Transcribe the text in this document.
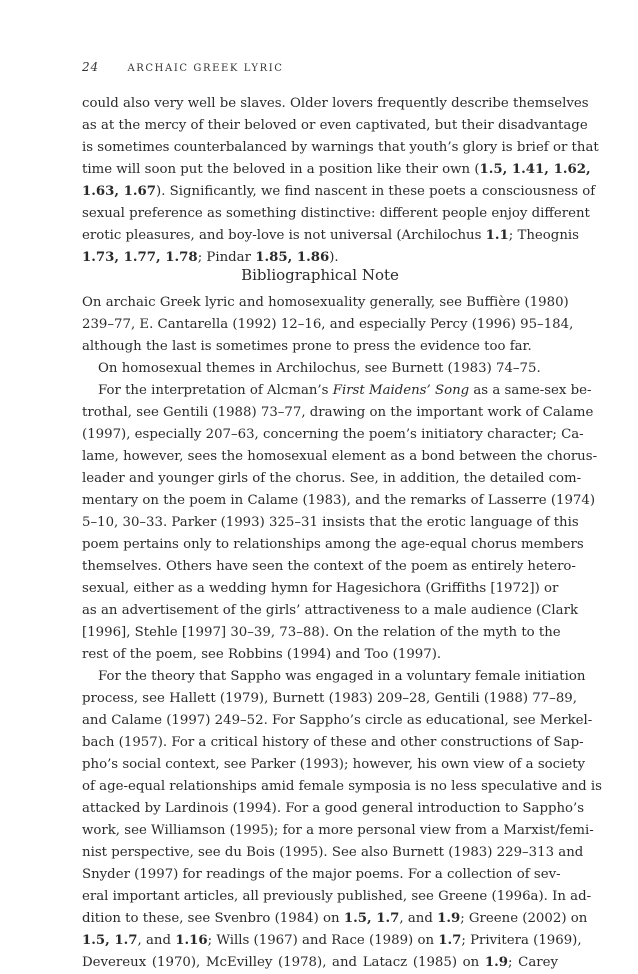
24	ARCHAIC GREEK LYRIC
could also very well be slaves. Older lovers frequently describe themselves
as at the mercy of their beloved or even captivated, but their disadvantage
is sometimes counterbalanced by warnings that youth’s glory is brief or that
time will soon put the beloved in a position like their own (1.5, 1.41, 1.62,
1.63, 1.67). Significantly, we find nascent in these poets a consciousness of
sexual preference as something distinctive: different people enjoy different
erotic pleasures, and boy-love is not universal (Archilochus 1.1; Theognis
1.73, 1.77, 1.78; Pindar 1.85, 1.86).
Bibliographical Note
On archaic Greek lyric and homosexuality generally, see Buffière (1980)
239–77, E. Cantarella (1992) 12–16, and especially Percy (1996) 95–184,
although the last is sometimes prone to press the evidence too far.
On homosexual themes in Archilochus, see Burnett (1983) 74–75.
For the interpretation of Alcman’s First Maidens’ Song as a same-sex be-
trothal, see Gentili (1988) 73–77, drawing on the important work of Calame
(1997), especially 207–63, concerning the poem’s initiatory character; Ca-
lame, however, sees the homosexual element as a bond between the chorus-
leader and younger girls of the chorus. See, in addition, the detailed com-
mentary on the poem in Calame (1983), and the remarks of Lasserre (1974)
5–10, 30–33. Parker (1993) 325–31 insists that the erotic language of this
poem pertains only to relationships among the age-equal chorus members
themselves. Others have seen the context of the poem as entirely hetero-
sexual, either as a wedding hymn for Hagesichora (Griffiths [1972]) or
as an advertisement of the girls’ attractiveness to a male audience (Clark
[1996], Stehle [1997] 30–39, 73–88). On the relation of the myth to the
rest of the poem, see Robbins (1994) and Too (1997).
For the theory that Sappho was engaged in a voluntary female initiation
process, see Hallett (1979), Burnett (1983) 209–28, Gentili (1988) 77–89,
and Calame (1997) 249–52. For Sappho’s circle as educational, see Merkel-
bach (1957). For a critical history of these and other constructions of Sap-
pho’s social context, see Parker (1993); however, his own view of a society
of age-equal relationships amid female symposia is no less speculative and is
attacked by Lardinois (1994). For a good general introduction to Sappho’s
work, see Williamson (1995); for a more personal view from a Marxist/femi-
nist perspective, see du Bois (1995). See also Burnett (1983) 229–313 and
Snyder (1997) for readings of the major poems. For a collection of sev-
eral important articles, all previously published, see Greene (1996a). In ad-
dition to these, see Svenbro (1984) on 1.5, 1.7, and 1.9; Greene (2002) on
1.5, 1.7, and 1.16; Wills (1967) and Race (1989) on 1.7; Privitera (1969),
Devereux (1970), McEvilley (1978), and Latacz (1985) on 1.9; Carey
